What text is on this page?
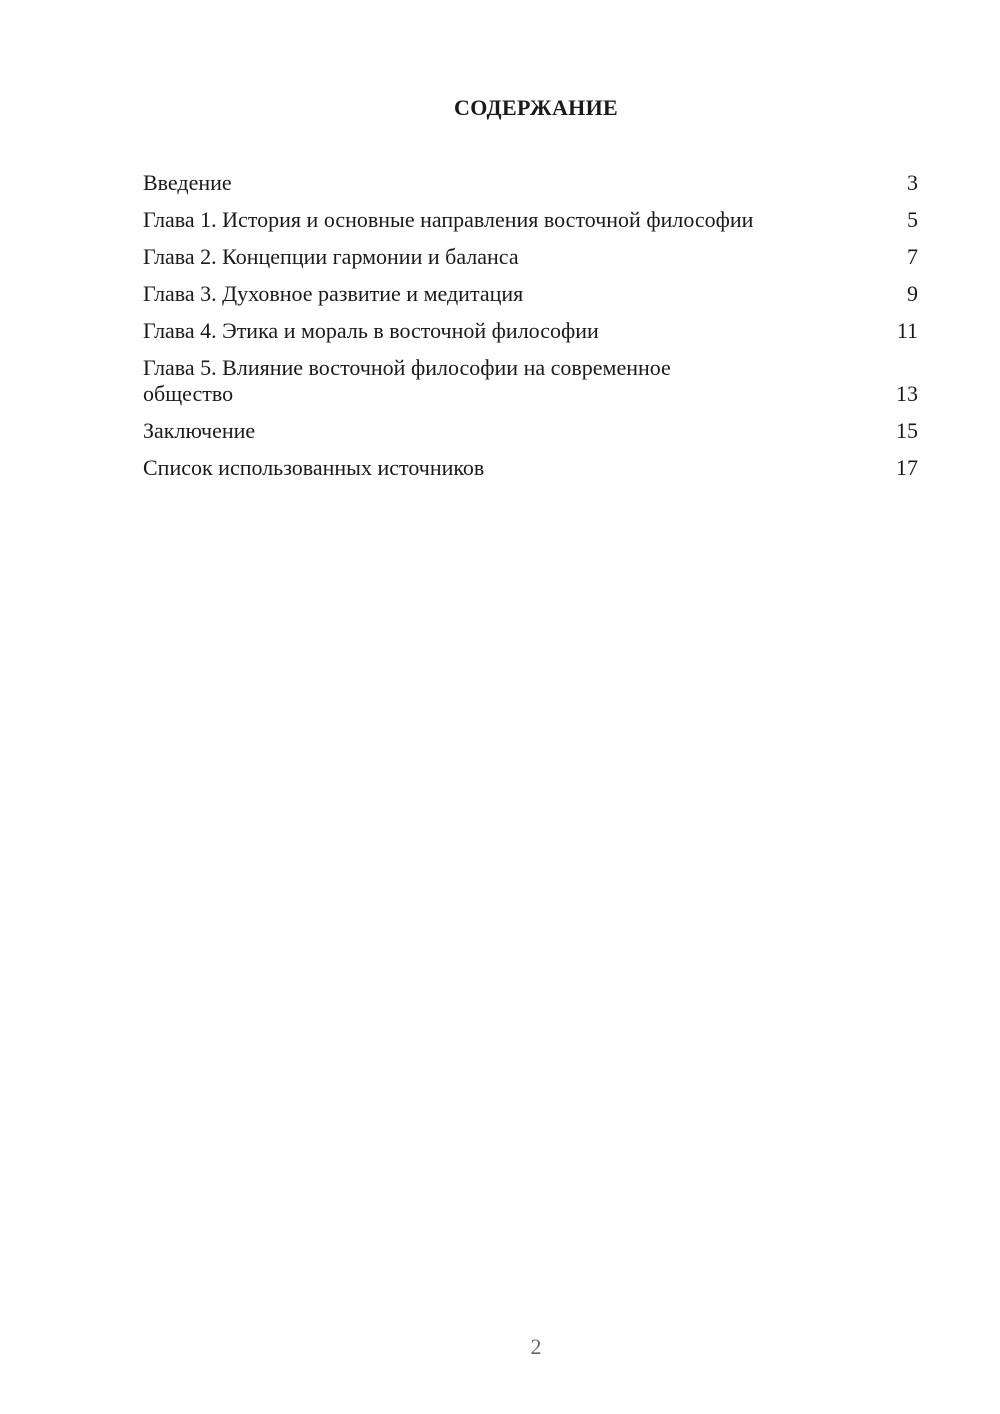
СОДЕРЖАНИЕ
Введение	3
Глава 1. История и основные направления восточной философии	5
Глава 2. Концепции гармонии и баланса	7
Глава 3. Духовное развитие и медитация	9
Глава 4. Этика и мораль в восточной философии	11
Глава 5. Влияние восточной философии на современное общество	13
Заключение	15
Список использованных источников	17
2
